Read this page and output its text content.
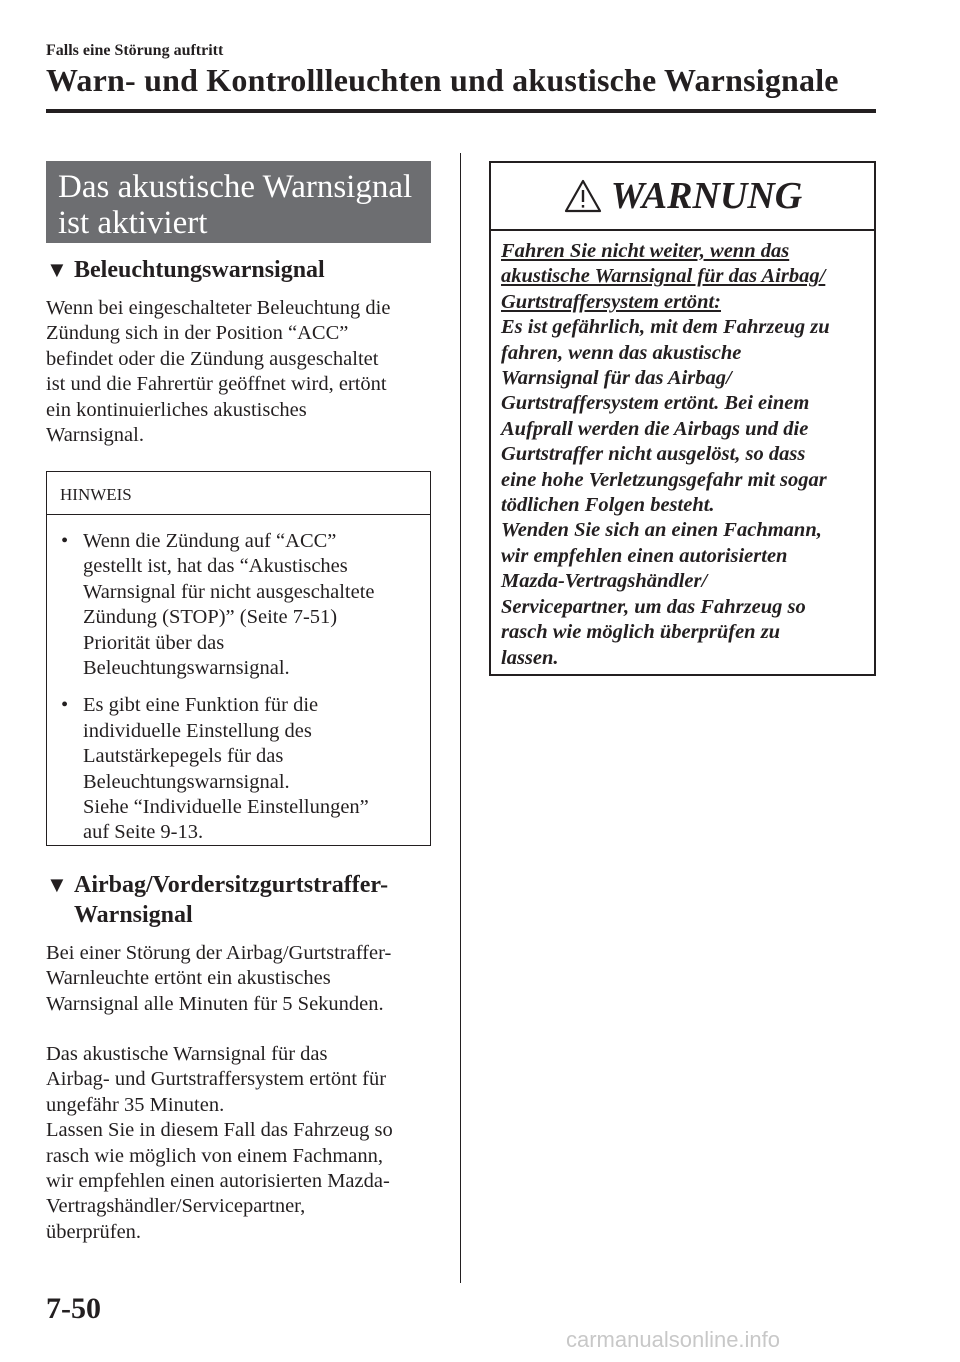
Falls eine Störung auftritt
Warn- und Kontrollleuchten und akustische Warnsignale
Das akustische Warnsignal
ist aktiviert
▼ Beleuchtungswarnsignal
Wenn bei eingeschalteter Beleuchtung die
Zündung sich in der Position “ACC”
befindet oder die Zündung ausgeschaltet
ist und die Fahrertür geöffnet wird, ertönt
ein kontinuierliches akustisches
Warnsignal.
HINWEIS
• Wenn die Zündung auf “ACC”
gestellt ist, hat das “Akustisches
Warnsignal für nicht ausgeschaltete
Zündung (STOP)” (Seite 7-51)
Priorität über das
Beleuchtungswarnsignal.
• Es gibt eine Funktion für die
individuelle Einstellung des
Lautstärkepegels für das
Beleuchtungswarnsignal.
Siehe “Individuelle Einstellungen”
auf Seite 9-13.
▼ Airbag/Vordersitzgurtstraffer-
Warnsignal
Bei einer Störung der Airbag/Gurtstraffer-
Warnleuchte ertönt ein akustisches
Warnsignal alle Minuten für 5 Sekunden.
Das akustische Warnsignal für das
Airbag- und Gurtstraffersystem ertönt für
ungefähr 35 Minuten.
Lassen Sie in diesem Fall das Fahrzeug so
rasch wie möglich von einem Fachmann,
wir empfehlen einen autorisierten Mazda-
Vertragshändler/Servicepartner,
überprüfen.
WARNUNG
Fahren Sie nicht weiter, wenn das
akustische Warnsignal für das Airbag/
Gurtstraffersystem ertönt:
Es ist gefährlich, mit dem Fahrzeug zu
fahren, wenn das akustische
Warnsignal für das Airbag/
Gurtstraffersystem ertönt. Bei einem
Aufprall werden die Airbags und die
Gurtstraffer nicht ausgelöst, so dass
eine hohe Verletzungsgefahr mit sogar
tödlichen Folgen besteht.
Wenden Sie sich an einen Fachmann,
wir empfehlen einen autorisierten
Mazda-Vertragshändler/
Servicepartner, um das Fahrzeug so
rasch wie möglich überprüfen zu
lassen.
7-50
carmanualsonline.info
